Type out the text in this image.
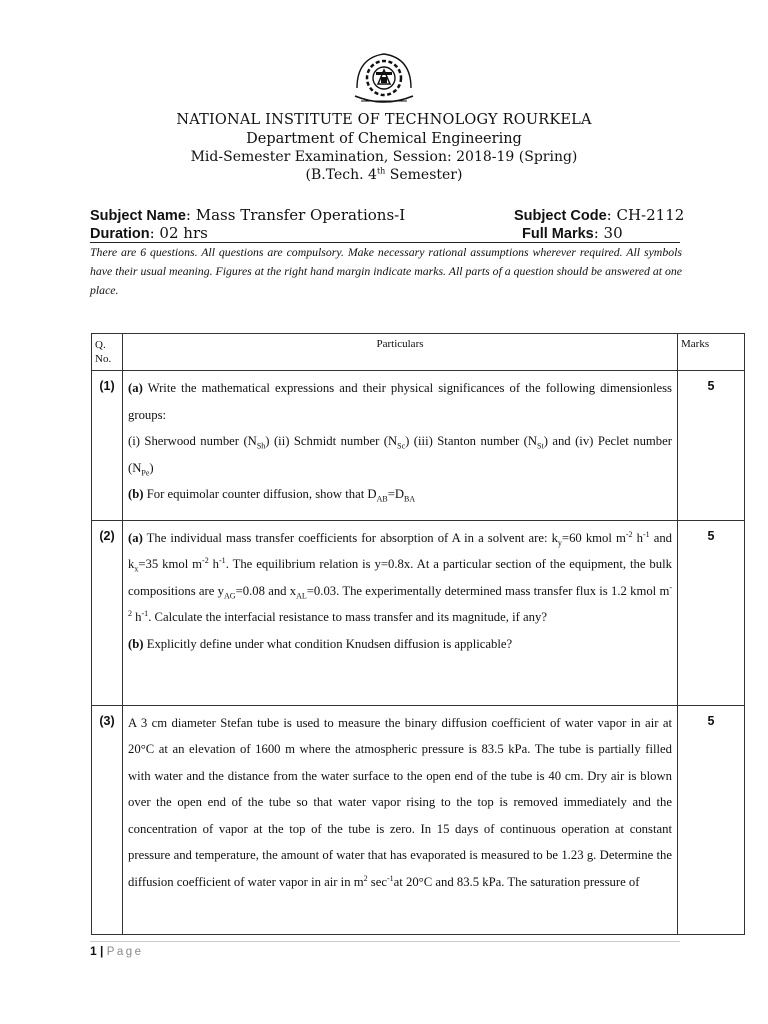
NATIONAL INSTITUTE OF TECHNOLOGY ROURKELA
Department of Chemical Engineering
Mid-Semester Examination, Session: 2018-19 (Spring)
(B.Tech. 4th Semester)
Subject Name: Mass Transfer Operations-I	Subject Code: CH-2112
Duration: 02 hrs	Full Marks: 30
There are 6 questions. All questions are compulsory. Make necessary rational assumptions wherever required. All symbols have their usual meaning. Figures at the right hand margin indicate marks. All parts of a question should be answered at one place.
Q. No.	Particulars	Marks
(1)	(a) Write the mathematical expressions and their physical significances of the following dimensionless groups:

(i) Sherwood number $(N_{Sh})$ (ii) Schmidt number $(N_{Sc})$ (iii) Stanton number $(N_{St})$ and (iv) Peclet number $(N_{Pe})$

(b) For equimolar counter diffusion, show that $D_{AB}=D_{BA}$	5
(2)	(a) The individual mass transfer coefficients for absorption of A in a solvent are: $k_y=60$ kmol $m^{-2}$ $h^{-1}$ and $k_x=35$ kmol $m^{-2}$ $h^{-1}$. The equilibrium relation is y=0.8x. At a particular section of the equipment, the bulk compositions are $y_{AG}=0.08$ and $x_{AL}=0.03$. The experimentally determined mass transfer flux is 1.2 kmol $m^{-2}$ $h^{-1}$. Calculate the interfacial resistance to mass transfer and its magnitude, if any?

(b) Explicitly define under what condition Knudsen diffusion is applicable?	5
(3)	A 3 cm diameter Stefan tube is used to measure the binary diffusion coefficient of water vapor in air at 20°C at an elevation of 1600 m where the atmospheric pressure is 83.5 kPa. The tube is partially filled with water and the distance from the water surface to the open end of the tube is 40 cm. Dry air is blown over the open end of the tube so that water vapor rising to the top is removed immediately and the concentration of vapor at the top of the tube is zero. In 15 days of continuous operation at constant pressure and temperature, the amount of water that has evaporated is measured to be 1.23 g. Determine the diffusion coefficient of water vapor in air in $m^2$ $\sec^{-1}at$ 20°C and 83.5 kPa. The saturation pressure of	5
1 | Page
